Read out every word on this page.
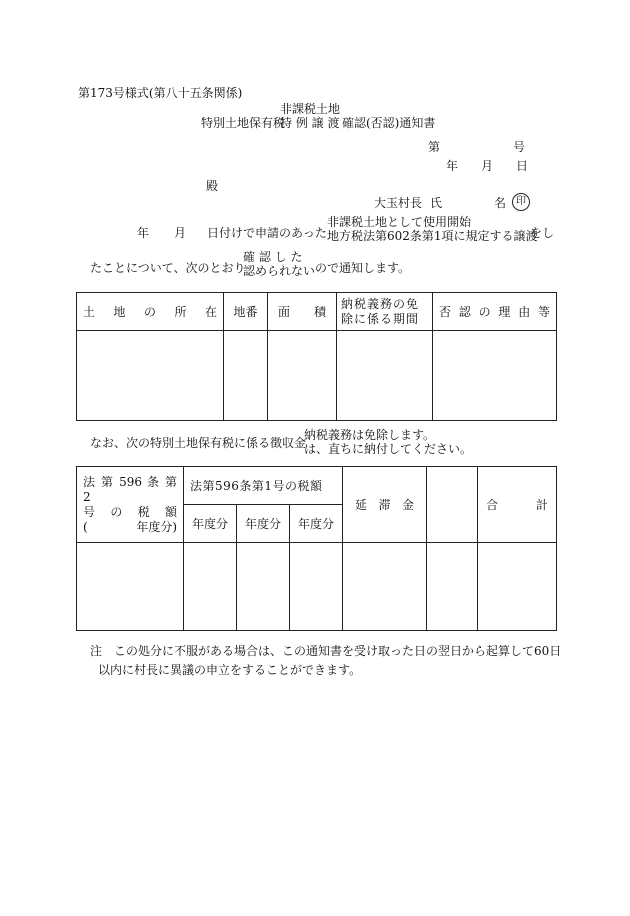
第173号様式(第八十五条関係)
特別土地保有税
非課税土地
特 例 譲 渡 確認(否認)通知書
第	号
年 月 日
殿
大玉村長 氏	名 印
年 月 日付けで申請のあった
非課税土地として使用開始
地方税法第602条第1項に規定する譲渡
をし
たことについて、次のとおり
確 認 し た
認められない ので通知します。
土 地 の 所 在	地番	面 積	納税義務の免除に係る期間	否 認 の 理 由 等

なお、次の特別土地保有税に係る徴収金
納税義務は免除します。
は、直ちに納付してください。
法 第 596 条 第 2
号 の 税 額
( 年度分)	法第596条第1号の税額			延 滞 金		合 計
	年度分	年度分	年度分			

注 この処分に不服がある場合は、この通知書を受け取った日の翌日から起算して60日
以内に村長に異議の申立をすることができます。
